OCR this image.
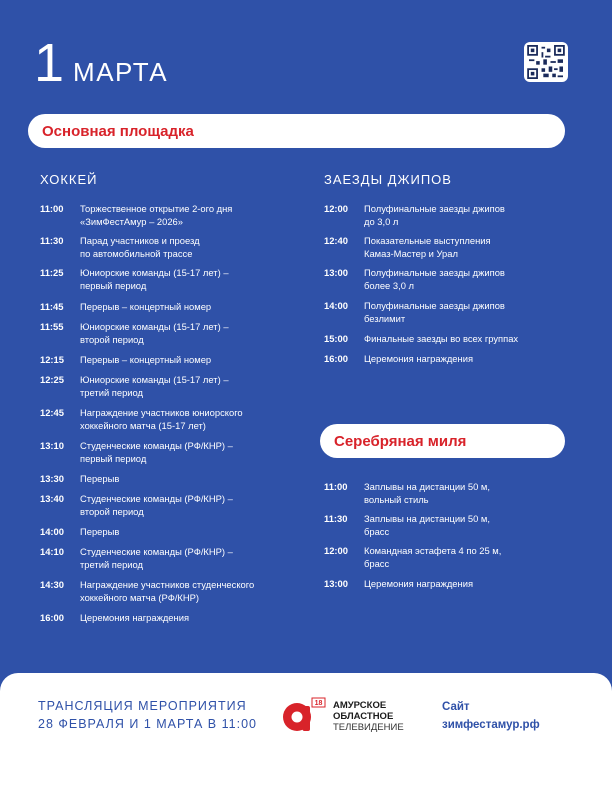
1 МАРТА
Основная площадка
ХОККЕЙ	ЗАЕЗДЫ ДЖИПОВ
11:00	Торжественное открытие 2-ого дня
«ЗимФестАмур – 2026»
11:30	Парад участников и проезд
по автомобильной трассе
11:25	Юниорские команды (15-17 лет) –
первый период
11:45	Перерыв – концертный номер
11:55	Юниорские команды (15-17 лет) –
второй период
12:15	Перерыв – концертный номер
12:25	Юниорские команды (15-17 лет) –
третий период
12:45	Награждение участников юниорского
хоккейного матча (15-17 лет)
13:10	Студенческие команды (РФ/КНР) –
первый период
13:30	Перерыв
13:40	Студенческие команды (РФ/КНР) –
второй период
14:00	Перерыв
14:10	Студенческие команды (РФ/КНР) –
третий период
14:30	Награждение участников студенческого
хоккейного матча (РФ/КНР)
16:00	Церемония награждения
12:00	Полуфинальные заезды джипов
до 3,0 л
12:40	Показательные выступления
Камаз-Мастер и Урал
13:00	Полуфинальные заезды джипов
более 3,0 л
14:00	Полуфинальные заезды джипов
безлимит
15:00	Финальные заезды во всех группах
16:00	Церемония награждения
Серебряная миля
11:00	Заплывы на дистанции 50 м,
вольный стиль
11:30	Заплывы на дистанции 50 м,
брасс
12:00	Командная эстафета 4 по 25 м,
брасс
13:00	Церемония награждения
ТРАНСЛЯЦИЯ МЕРОПРИЯТИЯ
28 ФЕВРАЛЯ И 1 МАРТА В 11:00
18 АМУРСКОЕ
ОБЛАСТНОЕ
ТЕЛЕВИДЕНИЕ
Сайт
зимфестамур.рф
